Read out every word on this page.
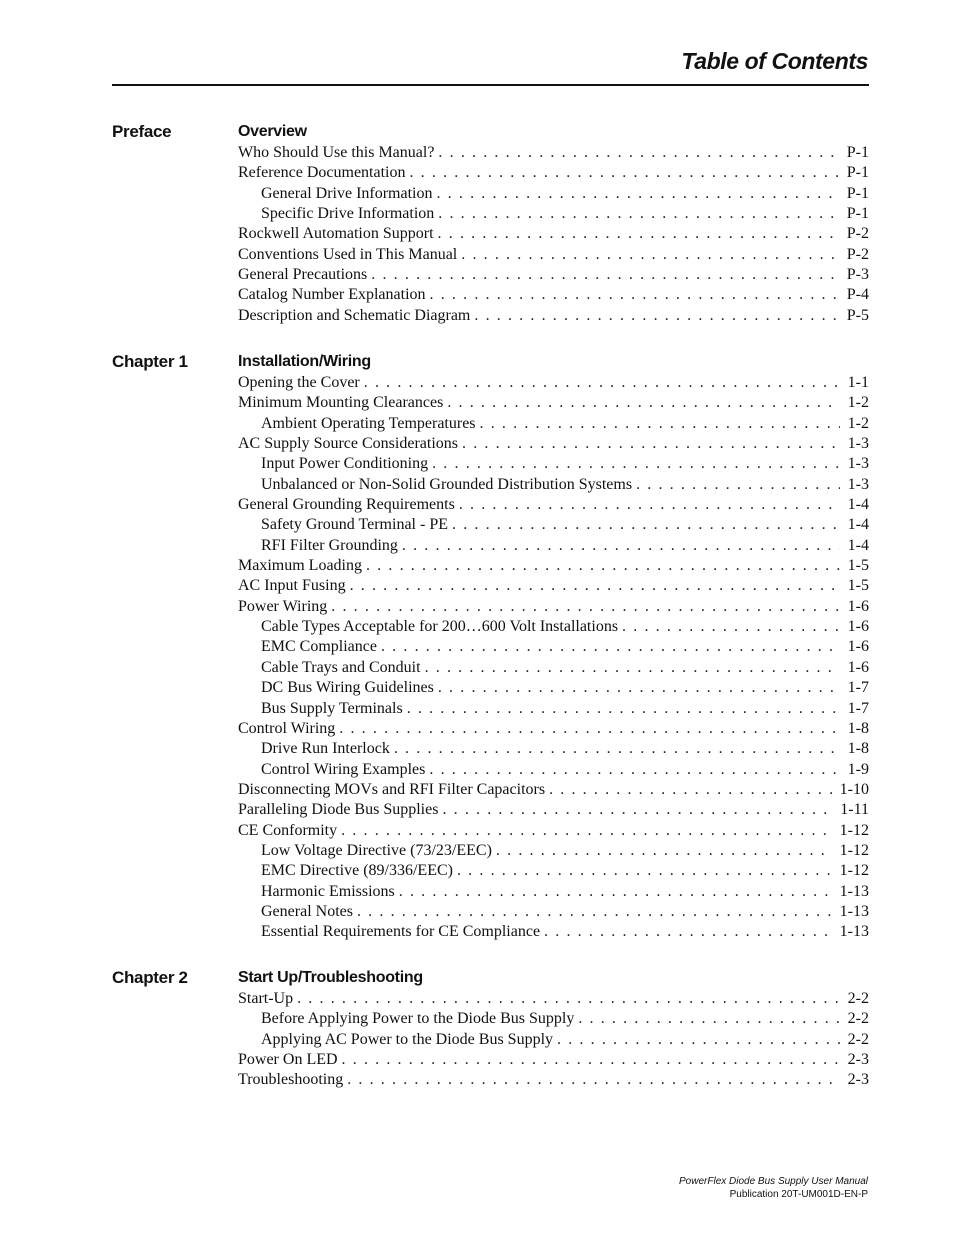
Table of Contents
Preface	Overview
Who Should Use this Manual? . . .	P-1
Reference Documentation . . .	P-1
General Drive Information . . .	P-1
Specific Drive Information . . .	P-1
Rockwell Automation Support . . .	P-2
Conventions Used in This Manual . . .	P-2
General Precautions . . .	P-3
Catalog Number Explanation . . .	P-4
Description and Schematic Diagram . . .	P-5
Chapter 1	Installation/Wiring
Opening the Cover . . .	1-1
Minimum Mounting Clearances . . .	1-2
Ambient Operating Temperatures . . .	1-2
AC Supply Source Considerations . . .	1-3
Input Power Conditioning . . .	1-3
Unbalanced or Non-Solid Grounded Distribution Systems . . .	1-3
General Grounding Requirements . . .	1-4
Safety Ground Terminal - PE . . .	1-4
RFI Filter Grounding . . .	1-4
Maximum Loading . . .	1-5
AC Input Fusing . . .	1-5
Power Wiring . . .	1-6
Cable Types Acceptable for 200…600 Volt Installations . . .	1-6
EMC Compliance . . .	1-6
Cable Trays and Conduit . . .	1-6
DC Bus Wiring Guidelines . . .	1-7
Bus Supply Terminals . . .	1-7
Control Wiring . . .	1-8
Drive Run Interlock . . .	1-8
Control Wiring Examples . . .	1-9
Disconnecting MOVs and RFI Filter Capacitors . . .	1-10
Paralleling Diode Bus Supplies . . .	1-11
CE Conformity . . .	1-12
Low Voltage Directive (73/23/EEC) . . .	1-12
EMC Directive (89/336/EEC) . . .	1-12
Harmonic Emissions . . .	1-13
General Notes . . .	1-13
Essential Requirements for CE Compliance . . .	1-13
Chapter 2	Start Up/Troubleshooting
Start-Up . . .	2-2
Before Applying Power to the Diode Bus Supply . . .	2-2
Applying AC Power to the Diode Bus Supply . . .	2-2
Power On LED . . .	2-3
Troubleshooting . . .	2-3
PowerFlex Diode Bus Supply User Manual
Publication 20T-UM001D-EN-P
